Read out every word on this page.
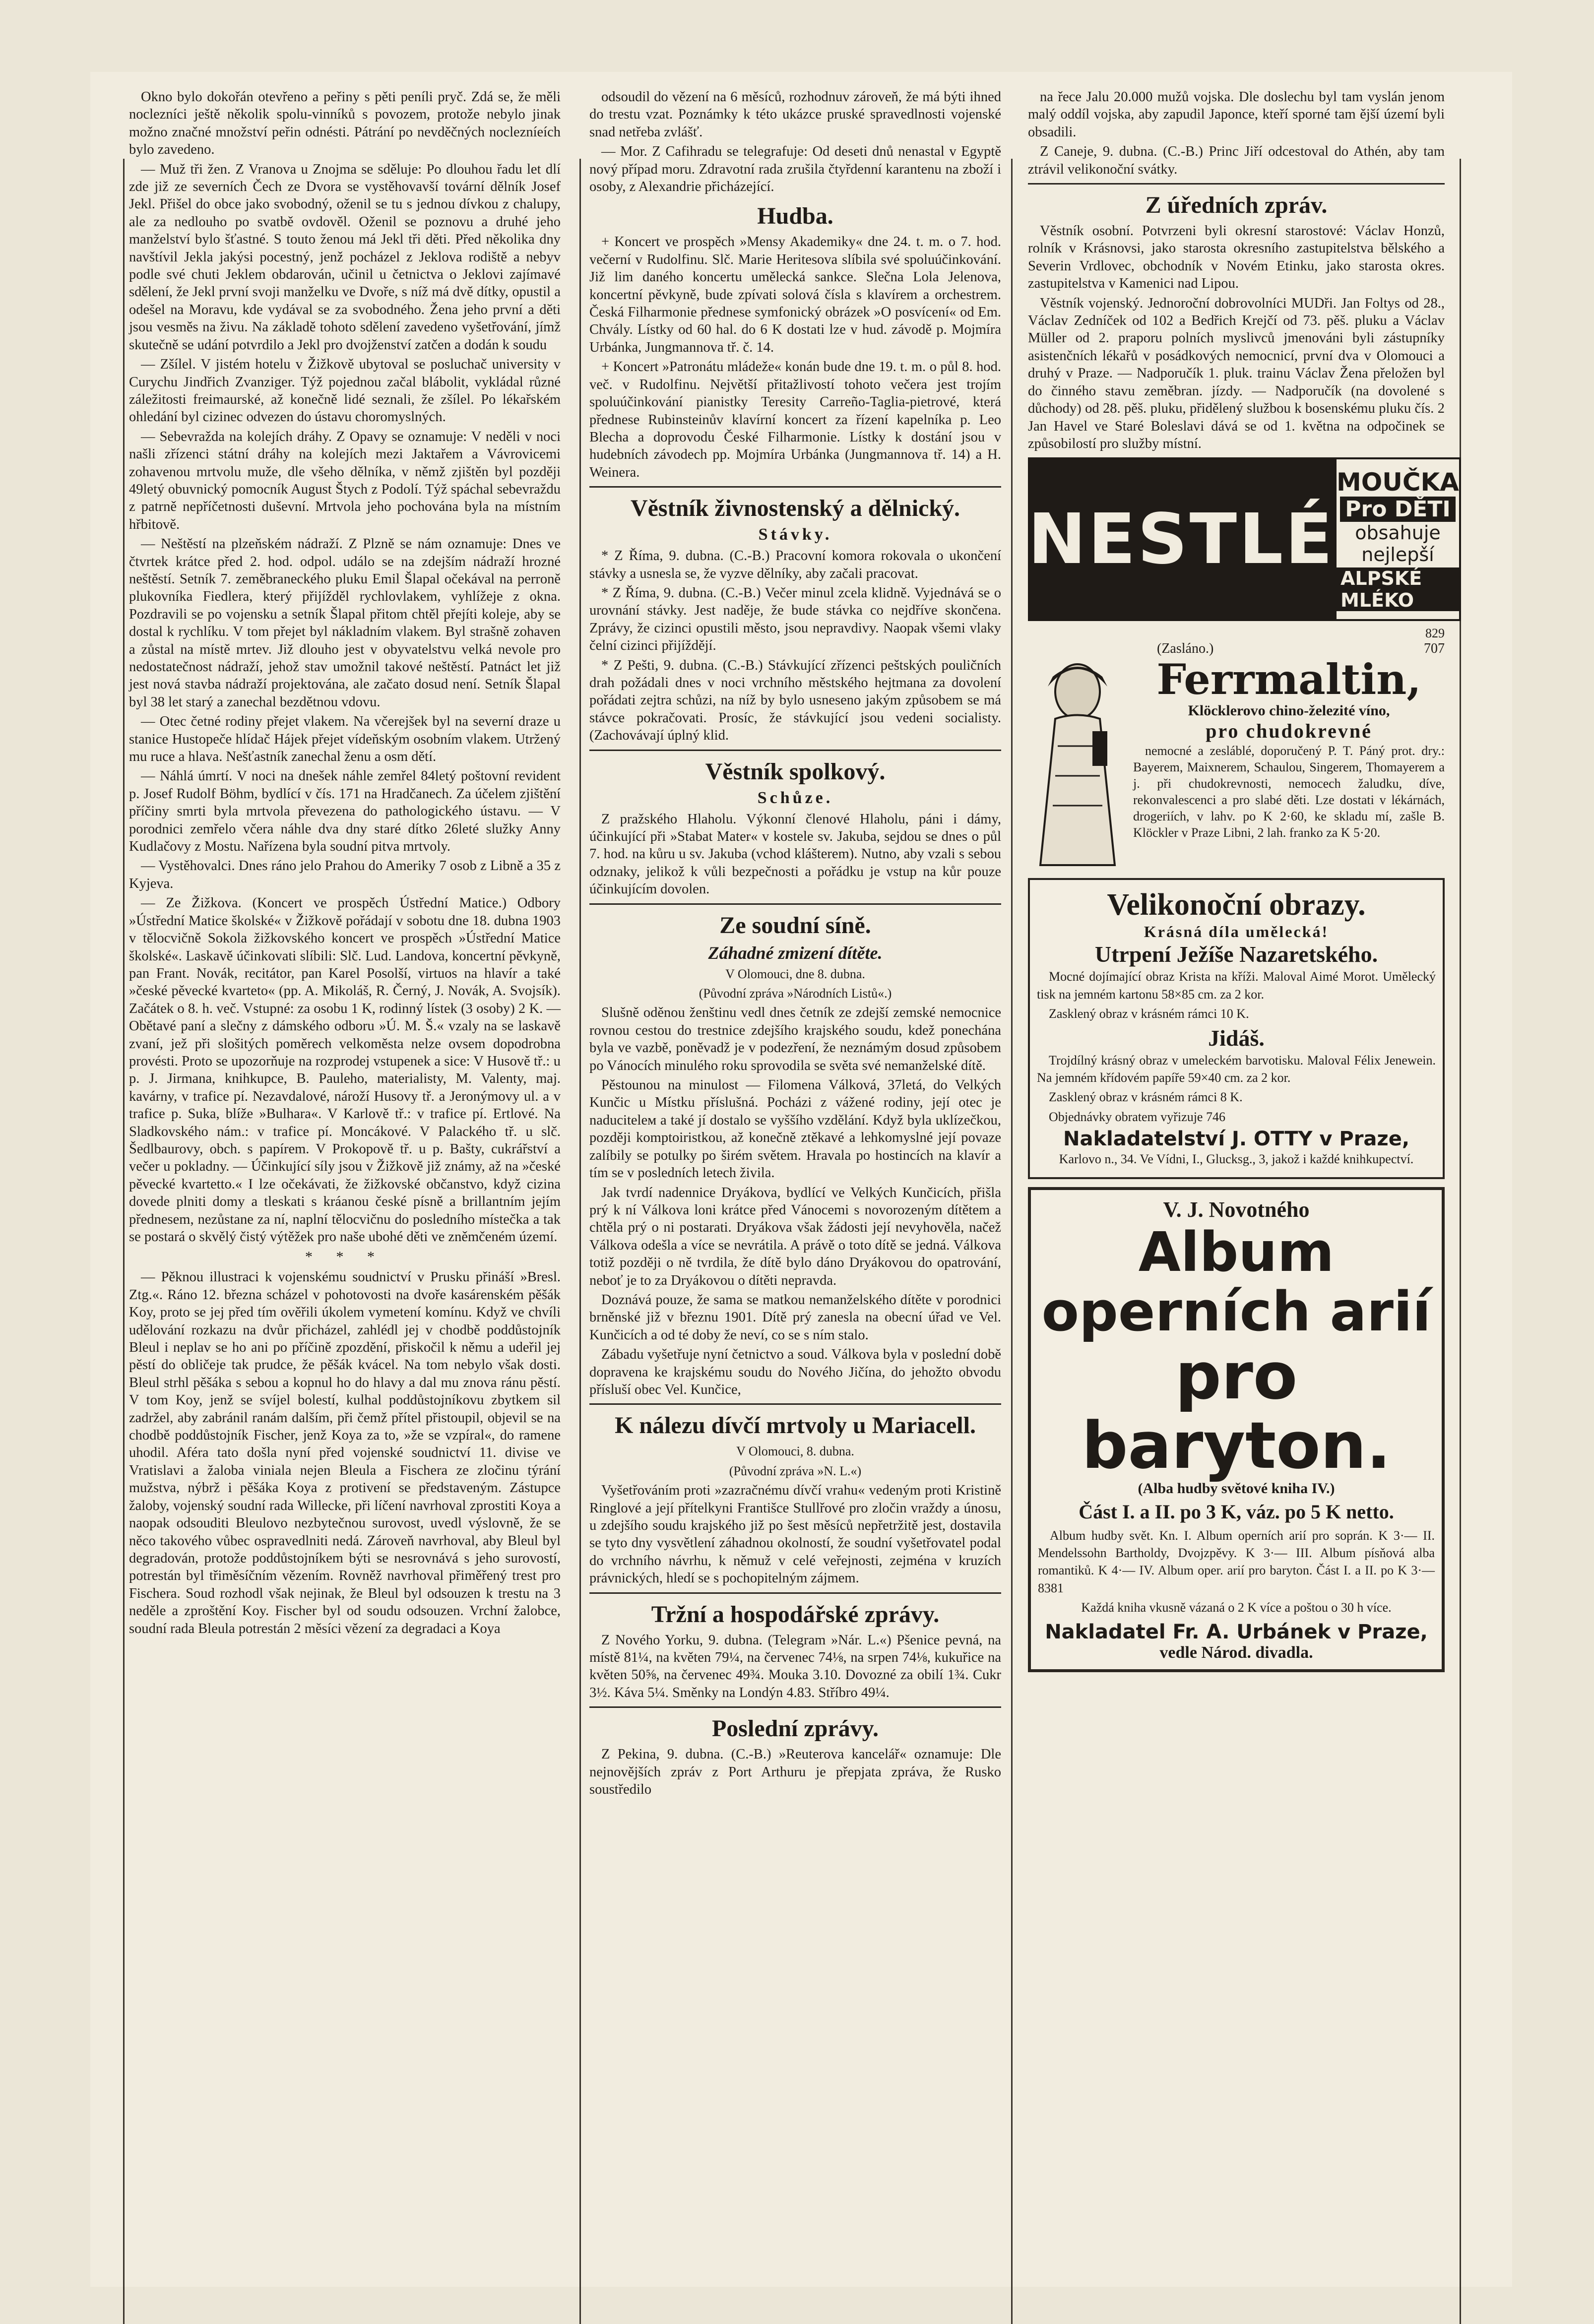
Okno bylo dokořán otevřeno a peřiny s pěti peníli pryč. Zdá se, že měli noclezníci ještě několik spolu-vinníků s povozem, protože nebylo jinak možno značné množství peřin odnésti. Pátrání po nevděčných noclezníeích bylo zavedeno.

— Muž tři žen. Z Vranova u Znojma se sděluje: Po dlouhou řadu let dlí zde již ze severních Čech ze Dvora se vystěhovavší tovární dělník Josef Jekl. Přišel do obce jako svobodný, oženil se tu s jednou dívkou z chalupy, ale za nedlouho po svatbě ovdověl. Oženil se poznovu a druhé jeho manželství bylo šťastné. S touto ženou má Jekl tři děti. Před několika dny navštívil Jekla jakýsi pocestný, jenž pocházel z Jeklova rodiště a nebyv podle své chuti Jeklem obdarován, učinil u četnictva o Jeklovi zajímavé sdělení, že Jekl první svoji manželku ve Dvoře, s níž má dvě dítky, opustil a odešel na Moravu, kde vydával se za svobodného. Žena jeho první a děti jsou vesměs na živu. Na základě tohoto sdělení zavedeno vyšetřování, jímž skutečně se udání potvrdilo a Jekl pro dvojženství zatčen a dodán k soudu

— Zšílel. V jistém hotelu v Žižkově ubytoval se posluchač university v Curychu Jindřich Zvanziger. Týž pojednou začal blábolit, vykládal různé záležitosti freimaurské, až konečně lidé seznali, že zšílel. Po lékařském ohledání byl cizinec odvezen do ústavu choromyslných.

— Sebevražda na kolejích dráhy. Z Opavy se oznamuje: V neděli v noci našli zřízenci státní dráhy na kolejích mezi Jaktařem a Vávrovicemi zohavenou mrtvolu muže, dle všeho dělníka, v němž zjištěn byl později 49letý obuvnický pomocník August Štych z Podolí. Týž spáchal sebevraždu z patrně nepříčetnosti duševní. Mrtvola jeho pochována byla na místním hřbitově.

— Neštěstí na plzeňském nádraží. Z Plzně se nám oznamuje: Dnes ve čtvrtek krátce před 2. hod. odpol. událo se na zdejším nádraží hrozné neštěstí. Setník 7. zeměbraneckého pluku Emil Šlapal očekával na perroně plukovníka Fiedlera, který přijížděl rychlovlakem, vyhlížeje z okna. Pozdravili se po vojensku a setník Šlapal přitom chtěl přejíti koleje, aby se dostal k rychlíku. V tom přejet byl nákladním vlakem. Byl strašně zohaven a zůstal na místě mrtev. Již dlouho jest v obyvatelstvu velká nevole pro nedostatečnost nádraží, jehož stav umožnil takové neštěstí. Patnáct let již jest nová stavba nádraží projektována, ale začato dosud není. Setník Šlapal byl 38 let starý a zanechal bezdětnou vdovu.

— Otec četné rodiny přejet vlakem. Na včerejšek byl na severní draze u stanice Hustopeče hlídač Hájek přejet vídeňským osobním vlakem. Utržený mu ruce a hlava. Nešťastník zanechal ženu a osm dětí.

— Náhlá úmrtí. V noci na dnešek náhle zemřel 84letý poštovní revident p. Josef Rudolf Böhm, bydlící v čís. 171 na Hradčanech. Za účelem zjištění příčiny smrti byla mrtvola převezena do pathologického ústavu. — V porodnici zemřelo včera náhle dva dny staré dítko 26leté služky Anny Kudlačovy z Mostu. Nařízena byla soudní pitva mrtvoly.

— Vystěhovalci. Dnes ráno jelo Prahou do Ameriky 7 osob z Libně a 35 z Kyjeva.

— Ze Žižkova. (Koncert ve prospěch Ústřední Matice.) Odbory »Ústřední Matice školské« v Žižkově pořádají v sobotu dne 18. dubna 1903 v tělocvičně Sokola žižkovského koncert ve prospěch »Ústřední Matice školské«. Laskavě účinkovati slíbili: Slč. Lud. Landova, koncertní pěvkyně, pan Frant. Novák, recitátor, pan Karel Posolší, virtuos na hlavír a také »české pěvecké kvarteto« (pp. A. Mikoláš, R. Černý, J. Novák, A. Svojsík). Začátek o 8. h. več. Vstupné: za osobu 1 K, rodinný lístek (3 osoby) 2 K. — Obětavé paní a slečny z dámského odboru »Ú. M. Š.« vzaly na se laskavě zvaní, jež při slošitých poměrech velkoměsta nelze ovsem dopodrobna provésti. Proto se upozorňuje na rozprodej vstupenek a sice: V Husově tř.: u p. J. Jirmana, knihkupce, B. Pauleho, materialisty, M. Valenty, maj. kavárny, v trafice pí. Nezavdalové, nároží Husovy tř. a Jeronýmovy ul. a v trafice p. Suka, blíže »Bulhara«. V Karlově tř.: v trafice pí. Ertlové. Na Sladkovského nám.: v trafice pí. Moncákové. V Palackého tř. u slč. Šedlbaurovy, obch. s papírem. V Prokopově tř. u p. Bašty, cukrářství a večer u pokladny. — Účinkující síly jsou v Žižkově již známy, až na »české pěvecké kvartetto.« I lze očekávati, že žižkovské občanstvo, když cizina dovede plniti domy a tleskati s kráanou české písně a brillantním jejím přednesem, nezůstane za ní, naplní tělocvičnu do posledního místečka a tak se postará o skvělý čistý výtěžek pro naše ubohé děti ve zněmčeném území.

* * *

— Pěknou illustraci k vojenskému soudnictví v Prusku přináší »Bresl. Ztg.«. Ráno 12. března scházel v pohotovosti na dvoře kasárenském pěšák Koy, proto se jej před tím ověřili úkolem vymetení komínu. Když ve chvíli udělování rozkazu na dvůr přicházel, zahlédl jej v chodbě poddůstojník Bleul i neplav se ho ani po příčině zpozdění, přiskočil k němu a udeřil jej pěstí do obličeje tak prudce, že pěšák kvácel. Na tom nebylo však dosti. Bleul strhl pěšáka s sebou a kopnul ho do hlavy a dal mu znova ránu pěstí. V tom Koy, jenž se svíjel bolestí, kulhal poddůstojníkovu zbytkem sil zadržel, aby zabránil ranám dalším, při čemž přítel přistoupil, objevil se na chodbě poddůstojník Fischer, jenž Koya za to, »že se vzpíral«, do ramene uhodil. Aféra tato došla nyní před vojenské soudnictví 11. divise ve Vratislavi a žaloba viniala nejen Bleula a Fischera ze zločinu týrání mužstva, nýbrž i pěšáka Koya z protivení se představeným. Zástupce žaloby, vojenský soudní rada Willecke, při líčení navrhoval zprostiti Koya a naopak odsouditi Bleulovo nezbytečnou surovost, uvedl výslovně, že se něco takového vůbec ospravedlniti nedá. Zároveň navrhoval, aby Bleul byl degradován, protože poddůstojníkem býti se nesrovnává s jeho surovostí, potrestán byl třiměsíčním vězením. Rovněž navrhoval přiměřený trest pro Fischera. Soud rozhodl však nejinak, že Bleul byl odsouzen k trestu na 3 neděle a zproštění Koy. Fischer byl od soudu odsouzen. Vrchní žalobce, soudní rada Bleula potrestán 2 měsíci vězení za degradaci a Koya

odsoudil do vězení na 6 měsíců, rozhodnuv zároveň, že má býti ihned do trestu vzat. Poznámky k této ukázce pruské spravedlnosti vojenské snad netřeba zvlášť.

— Mor. Z Cafihradu se telegrafuje: Od deseti dnů nenastal v Egyptě nový případ moru. Zdravotní rada zrušila čtyřdenní karantenu na zboží i osoby, z Alexandrie přicházející.

Hudba.

+ Koncert ve prospěch »Mensy Akademiky« dne 24. t. m. o 7. hod. večerní v Rudolfinu. Slč. Marie Heritesova slíbila své spoluúčinkování. Již lim daného koncertu umělecká sankce. Slečna Lola Jelenova, koncertní pěvkyně, bude zpívati solová čísla s klavírem a orchestrem. Česká Filharmonie přednese symfonický obrázek »O posvícení« od Em. Chvály. Lístky od 60 hal. do 6 K dostati lze v hud. závodě p. Mojmíra Urbánka, Jungmannova tř. č. 14.

+ Koncert »Patronátu mládeže« konán bude dne 19. t. m. o půl 8. hod. več. v Rudolfinu. Největší přitažlivostí tohoto večera jest trojím spoluúčinkování pianistky Teresity Carreño-Taglia-pietrové, která přednese Rubinsteinův klavírní koncert za řízení kapelníka p. Leo Blecha a doprovodu České Filharmonie. Lístky k dostání jsou v hudebních závodech pp. Mojmíra Urbánka (Jungmannova tř. 14) a H. Weinera.

Věstník živnostenský a dělnický.
Stávky.

* Z Říma, 9. dubna. (C.-B.) Pracovní komora rokovala o ukončení stávky a usnesla se, že vyzve dělníky, aby začali pracovat.

* Z Říma, 9. dubna. (C.-B.) Večer minul zcela klidně. Vyjednává se o urovnání stávky. Jest naděje, že bude stávka co nejdříve skončena. Zprávy, že cizinci opustili město, jsou nepravdivy. Naopak všemi vlaky čelní cizinci přijíždějí.

* Z Pešti, 9. dubna. (C.-B.) Stávkující zřízenci peštských pouličních drah požádali dnes v noci vrchního městského hejtmana za dovolení pořádati zejtra schůzi, na níž by bylo usneseno jakým způsobem se má stávce pokračovati. Prosíc, že stávkující jsou vedeni socialisty. (Zachovávají úplný klid.

Věstník spolkový.
Schůze.

Z pražského Hlaholu. Výkonní členové Hlaholu, páni i dámy, účinkující při »Stabat Mater« v kostele sv. Jakuba, sejdou se dnes o půl 7. hod. na kůru u sv. Jakuba (vchod klášterem). Nutno, aby vzali s sebou odznaky, jelikož k vůli bezpečnosti a pořádku je vstup na kůr pouze účinkujícím dovolen.

Ze soudní síně.
Záhadné zmizení dítěte.

V Olomouci, dne 8. dubna.

(Původní zpráva »Národních Listů«.)

Slušně oděnou ženštinu vedl dnes četník ze zdejší zemské nemocnice rovnou cestou do trestnice zdejšího krajského soudu, kdež ponechána byla ve vazbě, poněvadž je v podezření, že neznámým dosud způsobem po Vánocích minulého roku sprovodila se světa své nemanželské dítě.

Pěstounou na minulost — Filomena Válková, 37letá, do Velkých Kunčic u Místku příslušná. Pocházi z vážené rodiny, její otec je naduciteleм a také jí dostalo se vyššího vzdělání. Když byla uklízečkou, později komptoiristkou, až konečně ztěkavé a lehkomyslné její povaze zalíbily se potulky po širém světem. Hravala po hostincích na klavír a tím se v posledních letech živila.

Jak tvrdí nadennice Dryákova, bydlící ve Velkých Kunčicích, přišla prý k ní Válkova loni krátce před Vánocemi s novorozeným dítětem a chtěla prý o ni postarati. Dryákova však žádosti její nevyhověla, načež Válkova odešla a více se nevrátila. A právě o toto dítě se jedná. Válkova totiž později o ně tvrdila, že dítě bylo dáno Dryákovou do opatrování, neboť je to za Dryákovou o dítěti nepravda.

Doznává pouze, že sama se matkou nemanželského dítěte v porodnici brněnské již v březnu 1901. Dítě prý zanesla na obecní úřad ve Vel. Kunčicích a od té doby že neví, co se s ním stalo.

Zábadu vyšetřuje nyní četnictvo a soud. Válkova byla v poslední době dopravena ke krajskému soudu do Nového Jičína, do jehožto obvodu přísluší obec Vel. Kunčice,

K nálezu dívčí mrtvoly u Mariacell.

V Olomouci, 8. dubna.

(Původní zpráva »N. L.«)

Vyšetřováním proti »zazračnému dívčí vrahu« vedeným proti Kristině Ringlové a její přítelkyni Františce Stullřové pro zločin vraždy a únosu, u zdejšího soudu krajského již po šest měsíců nepřetržitě jest, dostavila se tyto dny vysvětlení záhadnou okolností, že soudní vyšetřovatel podal do vrchního návrhu, k němuž v celé veřejnosti, zejména v kruzích právnických, hledí se s pochopitelným zájmem.

Tržní a hospodářské zprávy.

Z Nového Yorku, 9. dubna. (Telegram »Nár. L.«) Pšenice pevná, na místě 81¼, na květen 79¼, na červenec 74⅛, na srpen 74⅛, kukuřice na květen 50⅝, na červenec 49¾. Mouka 3.10. Dovozné za obilí 1¾. Cukr 3½. Káva 5¼. Směnky na Londýn 4.83. Stříbro 49¼.

Poslední zprávy.

Z Pekina, 9. dubna. (C.-B.) »Reuterova kancelář« oznamuje: Dle nejnovějších zpráv z Port Arthuru je přepjata zpráva, že Rusko soustředilo

na řece Jalu 20.000 mužů vojska. Dle doslechu byl tam vyslán jenom malý oddíl vojska, aby zapudil Japonce, kteří sporné tam ější území byli obsadili.

Z Caneje, 9. dubna. (C.-B.) Princ Jiří odcestoval do Athén, aby tam ztrávil velikonoční svátky.

Z úředních zpráv.

Věstník osobní. Potvrzeni byli okresní starostové: Václav Honzů, rolník v Krásnovsi, jako starosta okresního zastupitelstva bělského a Severin Vrdlovec, obchodník v Novém Etinku, jako starosta okres. zastupitelstva v Kamenici nad Lipou.

Věstník vojenský. Jednoroční dobrovolníci MUDři. Jan Foltys od 28., Václav Zedníček od 102 a Bedřich Krejčí od 73. pěš. pluku a Václav Müller od 2. praporu polních myslivců jmenováni byli zástupníky asistenčních lékařů v posádkových nemocnicí, první dva v Olomouci a druhý v Praze. — Nadporučík 1. pluk. trainu Václav Žena přeložen byl do činného stavu zeměbran. jízdy. — Nadporučík (na dovolené s důchody) od 28. pěš. pluku, přidělený službou k bosenskému pluku čís. 2 Jan Havel ve Staré Boleslavi dává se od 1. května na odpočinek se způsobilostí pro služby místní.

NESTLÉ
MOUČKA
Pro DĚTI
obsahuje
nejlepší
ALPSKÉ MLÉKO
829
(Zasláno.)	707
Ferrmaltin,
Klöcklerovo chino-železité víno,
pro chudokrevné

nemocné a zesláblé, doporučený P. T. Páný prot. dry.: Bayerem, Maixnerem, Schaulou, Singerem, Thomayerem a j. při chudokrevnosti, nemocech žaludku, díve, rekonvalescenci a pro slabé děti. Lze dostati v lékárnách, drogeriích, v lahv. po K 2·60, ke skladu mí, zašle B. Klöckler v Praze Libni, 2 lah. franko za K 5·20.

Velikonoční obrazy.
Krásná díla umělecká!
Utrpení Ježíše Nazaretského.

Mocné dojímající obraz Krista na kříži. Maloval Aimé Morot. Umělecký tisk na jemném kartonu 58×85 cm. za 2 kor.

Zasklený obraz v krásném rámci 10 K.

Jidáš.

Trojdílný krásný obraz v umeleckém barvotisku. Maloval Félix Jenewein. Na jemném křídovém papíře 59×40 cm. za 2 kor.

Zasklený obraz v krásném rámci 8 K.

Objednávky obratem vyřizuje 746

Nakladatelství J. OTTY v Praze,

Karlovo n., 34. Ve Vídni, I., Glucksg., 3, jakož i každé knihkupectví.

V. J. Novotného
Album operních arií
pro baryton.
(Alba hudby světové kniha IV.)
Část I. a II. po 3 K, váz. po 5 K netto.

Album hudby svět. Kn. I. Album operních arií pro soprán. K 3·— II. Mendelssohn Bartholdy, Dvojzpěvy. K 3·— III. Album písňová alba romantiků. K 4·— IV. Album oper. arií pro baryton. Část I. a II. po K 3·— 8381

Každá kniha vkusně vázaná o 2 K více a poštou o 30 h více.

Nakladatel Fr. A. Urbánek v Praze,
vedle Národ. divadla.
